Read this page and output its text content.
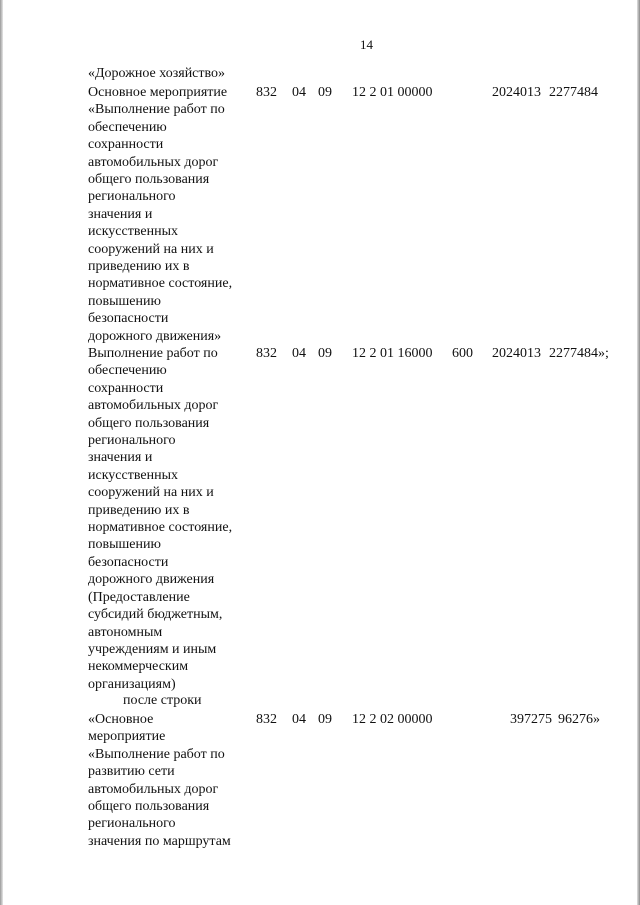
14
«Дорожное хозяйство»
Основное мероприятие
«Выполнение работ по
обеспечению
сохранности
автомобильных дорог
общего пользования
регионального
значения и
искусственных
сооружений на них и
приведению их в
нормативное состояние,
повышению
безопасности
дорожного движения»
832 04 09 12 2 01 00000	2024013 2277484
Выполнение работ по
обеспечению
сохранности
автомобильных дорог
общего пользования
регионального
значения и
искусственных
сооружений на них и
приведению их в
нормативное состояние,
повышению
безопасности
дорожного движения
(Предоставление
субсидий бюджетным,
автономным
учреждениям и иным
некоммерческим
организациям)
832 04 09 12 2 01 16000 600 2024013 2277484»;
после строки
«Основное
мероприятие
«Выполнение работ по
развитию сети
автомобильных дорог
общего пользования
регионального
значения по маршрутам
832 04 09 12 2 02 00000	397275 96276»
